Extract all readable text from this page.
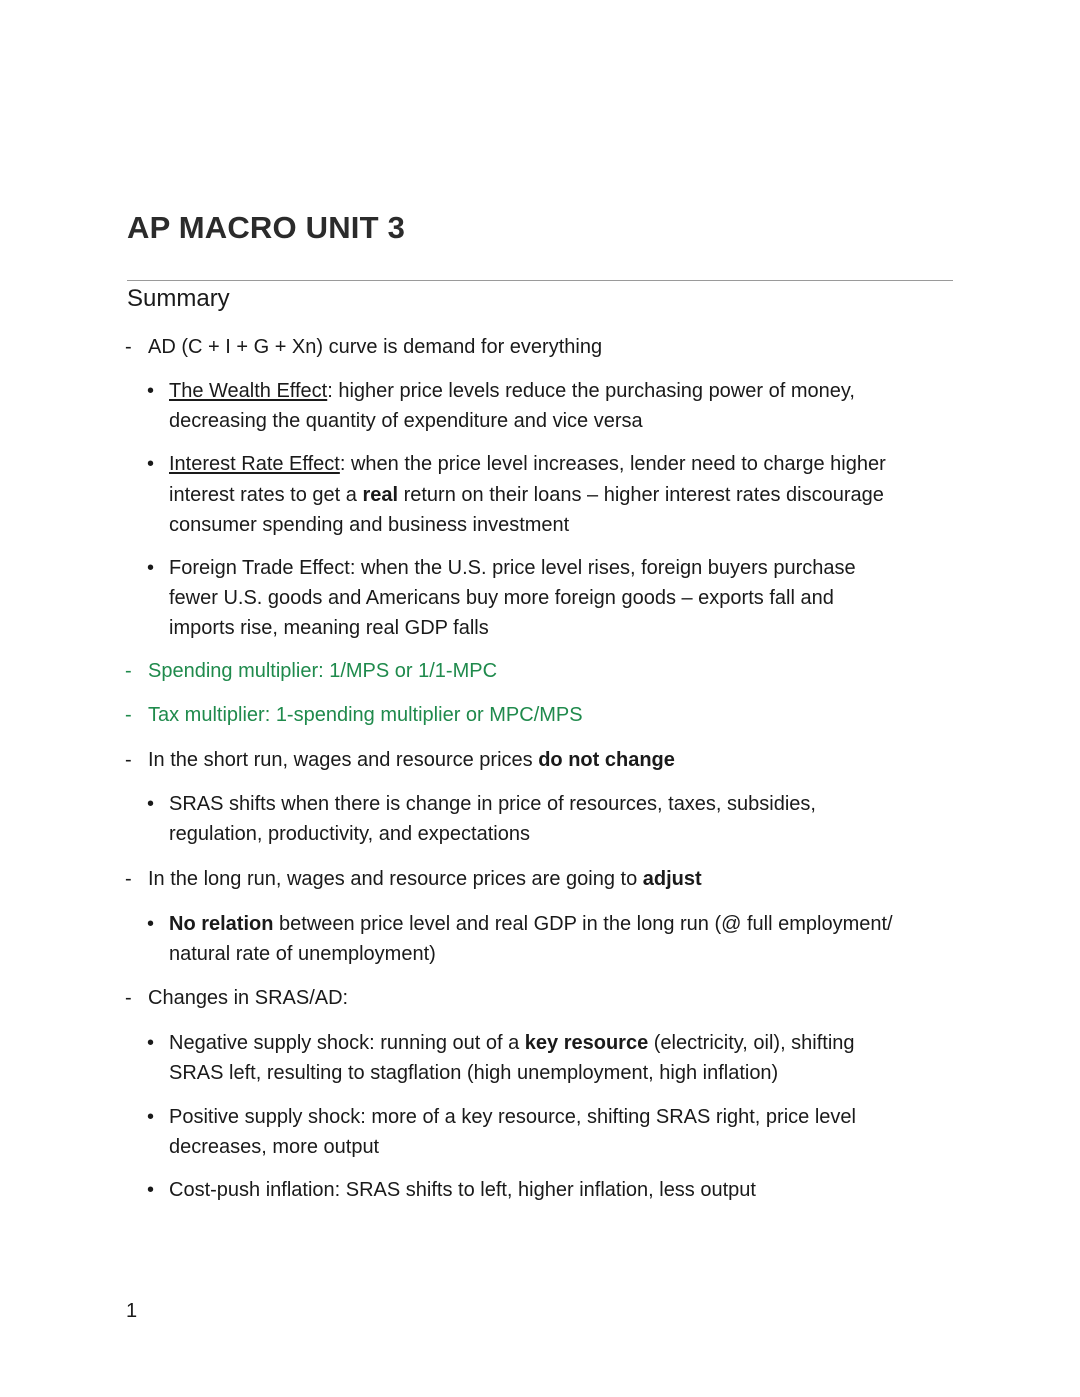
AP MACRO UNIT 3
Summary
- AD (C + I + G + Xn) curve is demand for everything
• The Wealth Effect: higher price levels reduce the purchasing power of money,
decreasing the quantity of expenditure and vice versa
• Interest Rate Effect: when the price level increases, lender need to charge higher
interest rates to get a real return on their loans – higher interest rates discourage
consumer spending and business investment
• Foreign Trade Effect: when the U.S. price level rises, foreign buyers purchase
fewer U.S. goods and Americans buy more foreign goods – exports fall and
imports rise, meaning real GDP falls
- Spending multiplier: 1/MPS or 1/1-MPC
- Tax multiplier: 1-spending multiplier or MPC/MPS
- In the short run, wages and resource prices do not change
• SRAS shifts when there is change in price of resources, taxes, subsidies,
regulation, productivity, and expectations
- In the long run, wages and resource prices are going to adjust
• No relation between price level and real GDP in the long run (@ full employment/
natural rate of unemployment)
- Changes in SRAS/AD:
• Negative supply shock: running out of a key resource (electricity, oil), shifting
SRAS left, resulting to stagflation (high unemployment, high inflation)
• Positive supply shock: more of a key resource, shifting SRAS right, price level
decreases, more output
• Cost-push inflation: SRAS shifts to left, higher inflation, less output
1
